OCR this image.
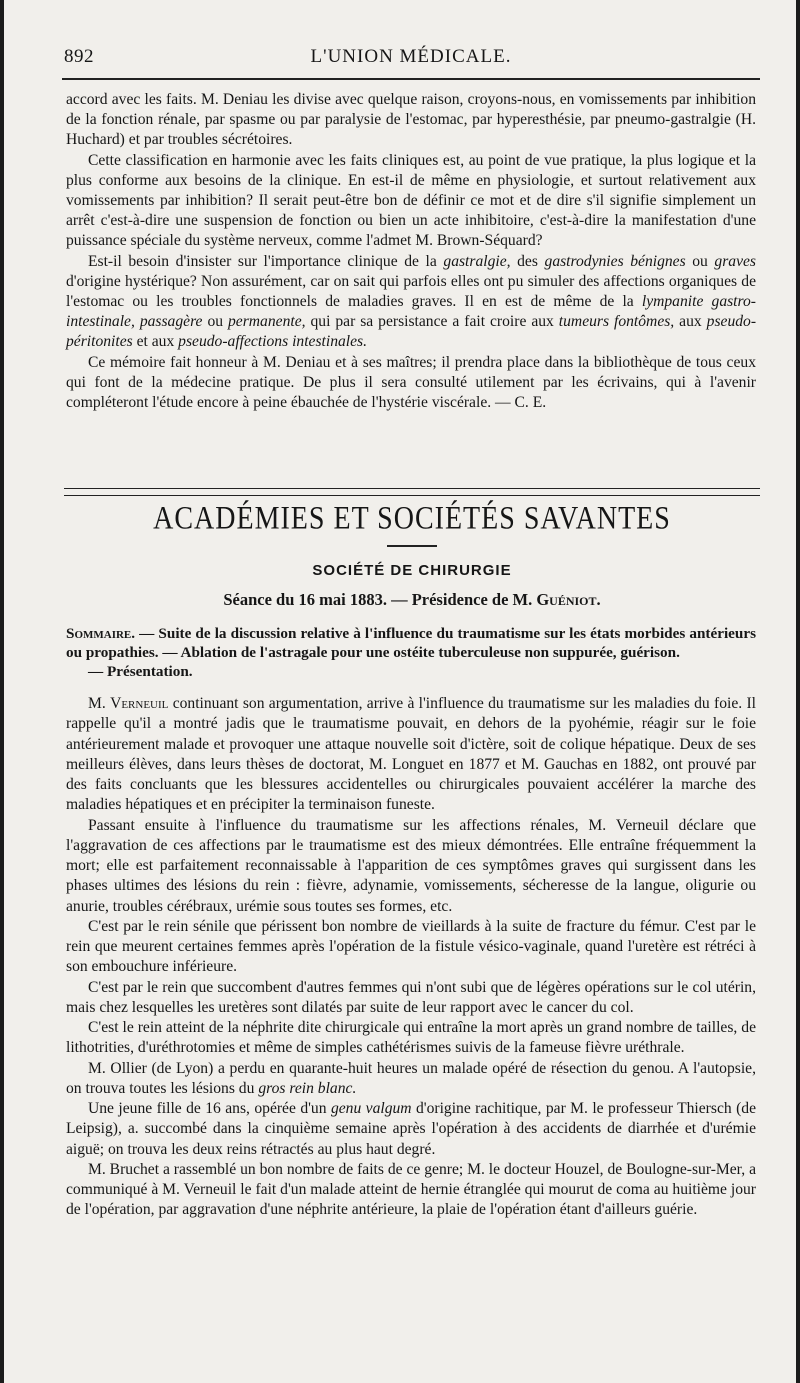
892	L'UNION MÉDICALE.

accord avec les faits. M. Deniau les divise avec quelque raison, croyons-nous, en vomissements par inhibition de la fonction rénale, par spasme ou par paralysie de l'estomac, par hyperesthésie, par pneumo-gastralgie (H. Huchard) et par troubles sécrétoires.

Cette classification en harmonie avec les faits cliniques est, au point de vue pratique, la plus logique et la plus conforme aux besoins de la clinique. En est-il de même en physiologie, et surtout relativement aux vomissements par inhibition? Il serait peut-être bon de définir ce mot et de dire s'il signifie simplement un arrêt c'est-à-dire une suspension de fonction ou bien un acte inhibitoire, c'est-à-dire la manifestation d'une puissance spéciale du système nerveux, comme l'admet M. Brown-Séquard?

Est-il besoin d'insister sur l'importance clinique de la gastralgie, des gastrodynies bénignes ou graves d'origine hystérique? Non assurément, car on sait qui parfois elles ont pu simuler des affections organiques de l'estomac ou les troubles fonctionnels de maladies graves. Il en est de même de la lympanite gastro-intestinale, passagère ou permanente, qui par sa persistance a fait croire aux tumeurs fontômes, aux pseudo-péritonites et aux pseudo-affections intestinales.

Ce mémoire fait honneur à M. Deniau et à ses maîtres; il prendra place dans la bibliothèque de tous ceux qui font de la médecine pratique. De plus il sera consulté utilement par les écrivains, qui à l'avenir compléteront l'étude encore à peine ébauchée de l'hystérie viscérale. — C. E.

ACADÉMIES ET SOCIÉTÉS SAVANTES
SOCIÉTÉ DE CHIRURGIE
Séance du 16 mai 1883. — Présidence de M. Guéniot.

Sommaire. — Suite de la discussion relative à l'influence du traumatisme sur les états morbides antérieurs ou propathies. — Ablation de l'astragale pour une ostéite tuberculeuse non suppurée, guérison.

— Présentation.

M. Verneuil continuant son argumentation, arrive à l'influence du traumatisme sur les maladies du foie. Il rappelle qu'il a montré jadis que le traumatisme pouvait, en dehors de la pyohémie, réagir sur le foie antérieurement malade et provoquer une attaque nouvelle soit d'ictère, soit de colique hépatique. Deux de ses meilleurs élèves, dans leurs thèses de doctorat, M. Longuet en 1877 et M. Gauchas en 1882, ont prouvé par des faits concluants que les blessures accidentelles ou chirurgicales pouvaient accélérer la marche des maladies hépatiques et en précipiter la terminaison funeste.

Passant ensuite à l'influence du traumatisme sur les affections rénales, M. Verneuil déclare que l'aggravation de ces affections par le traumatisme est des mieux démontrées. Elle entraîne fréquemment la mort; elle est parfaitement reconnaissable à l'apparition de ces symptômes graves qui surgissent dans les phases ultimes des lésions du rein : fièvre, adynamie, vomissements, sécheresse de la langue, oligurie ou anurie, troubles cérébraux, urémie sous toutes ses formes, etc.

C'est par le rein sénile que périssent bon nombre de vieillards à la suite de fracture du fémur. C'est par le rein que meurent certaines femmes après l'opération de la fistule vésico-vaginale, quand l'uretère est rétréci à son embouchure inférieure.

C'est par le rein que succombent d'autres femmes qui n'ont subi que de légères opérations sur le col utérin, mais chez lesquelles les uretères sont dilatés par suite de leur rapport avec le cancer du col.

C'est le rein atteint de la néphrite dite chirurgicale qui entraîne la mort après un grand nombre de tailles, de lithotrities, d'uréthrotomies et même de simples cathétérismes suivis de la fameuse fièvre uréthrale.

M. Ollier (de Lyon) a perdu en quarante-huit heures un malade opéré de résection du genou. A l'autopsie, on trouva toutes les lésions du gros rein blanc.

Une jeune fille de 16 ans, opérée d'un genu valgum d'origine rachitique, par M. le professeur Thiersch (de Leipsig), a. succombé dans la cinquième semaine après l'opération à des accidents de diarrhée et d'urémie aiguë; on trouva les deux reins rétractés au plus haut degré.

M. Bruchet a rassemblé un bon nombre de faits de ce genre; M. le docteur Houzel, de Boulogne-sur-Mer, a communiqué à M. Verneuil le fait d'un malade atteint de hernie étranglée qui mourut de coma au huitième jour de l'opération, par aggravation d'une néphrite antérieure, la plaie de l'opération étant d'ailleurs guérie.
